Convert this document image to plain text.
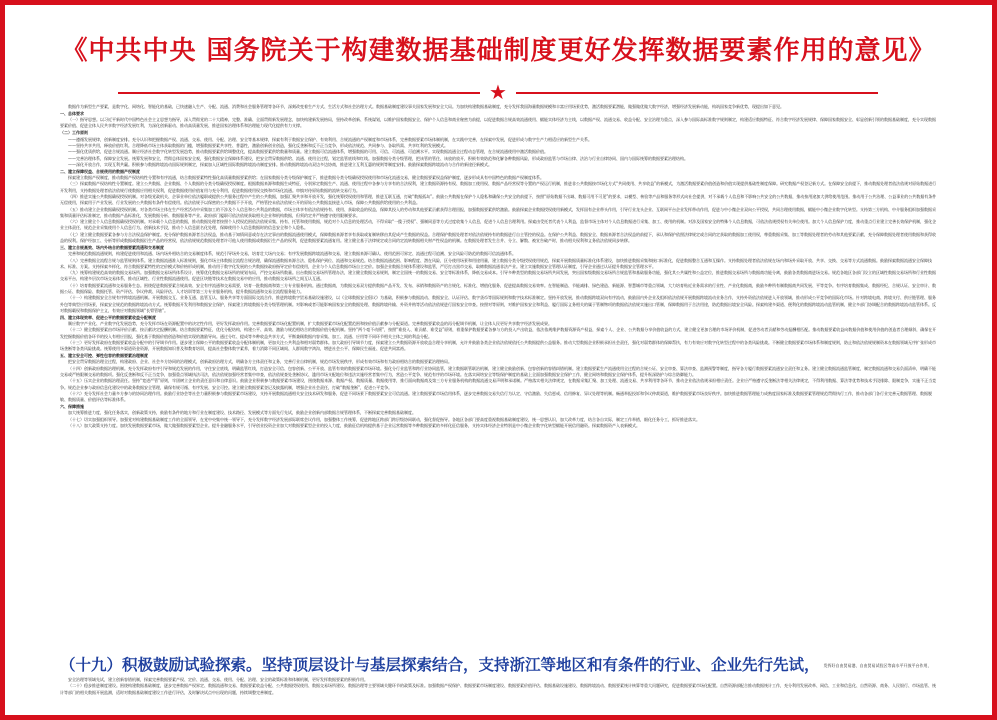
《中共中央 国务院关于构建数据基础制度更好发挥数据要素作用的意见》
★

数据作为新型生产要素，是数字化、网络化、智能化的基础，已快速融入生产、分配、流通、消费和社会服务管理等各环节，深刻改变着生产方式、生活方式和社会治理方式。数据基础制度建设事关国家发展和安全大局。为加快构建数据基础制度，充分发挥我国海量数据规模和丰富应用场景优势，激活数据要素潜能，做强做优做大数字经济，增强经济发展新动能，构筑国家竞争新优势，现提出如下意见。

一、总体要求

（一）指导思想。以习近平新时代中国特色社会主义思想为指导，深入贯彻党的二十大精神，完整、准确、全面贯彻新发展理念，加快构建新发展格局，坚持改革创新、系统谋划，以维护国家数据安全、保护个人信息和商业秘密为前提，以促进数据合规高效流通使用、赋能实体经济为主线，以数据产权、流通交易、收益分配、安全治理为重点，深入参与国际高标准数字规则制定，构建适应数据特征、符合数字经济发展规律、保障国家数据安全、彰显创新引领的数据基础制度，充分实现数据要素价值、促进全体人民共享数字经济发展红利，为深化创新驱动、推动高质量发展、推进国家治理体系和治理能力现代化提供有力支撑。

（二）工作原则

——遵循发展规律，创新制度安排。充分认识和把握数据产权、流通、交易、使用、分配、治理、安全等基本规律，探索有利于数据安全保护、有效利用、合规流通的产权制度和市场体系，完善数据要素市场体制机制，在实践中完善，在探索中发展，促进形成与数字生产力相适应的新型生产关系。

——坚持共享共用，释放价值红利。合理降低市场主体获取数据的门槛，增强数据要素共享性、普惠性，激励创新创业创造，强化反垄断和反不正当竞争，形成依法规范、共同参与、各取所需、共享红利的发展模式。

——强化优质供给，促进合规流通。顺应经济社会数字化转型发展趋势，推动数据要素供给调整优化，提高数据要素供给数量和质量。建立数据可信流通体系，增强数据的可用、可信、可流通、可追溯水平。实现数据流通全过程动态管理，在合规流通使用中激活数据价值。

——完善治理体系，保障安全发展。统筹发展和安全，贯彻总体国家安全观，强化数据安全保障体系建设，把安全贯穿数据供给、流通、使用全过程，划定监管底线和红线。加强数据分类分级管理，把该管的管住、该放的放开，积极有效防范和化解各种数据风险，形成政府监管与市场自律、法治与行业自律协同、国内与国际统筹的数据要素治理结构。

——深化开放合作，实现互利共赢。积极参与数据跨境流动国际规则制定，探索加入区域性国际数据跨境流动制度安排。推动数据跨境流动双边多边协商，推进建立互利互惠的规则等制度安排。鼓励探索数据跨境流动与合作的新途径新模式。

二、建立保障权益、合规使用的数据产权制度

探索建立数据产权制度，推动数据产权结构性分置和有序流通，结合数据要素特性强化高质量数据要素供给；在国家数据分类分级保护制度下，推进数据分类分级确权授权使用和市场化流通交易，健全数据要素权益保护制度，逐步形成具有中国特色的数据产权制度体系。

（三）探索数据产权结构性分置制度。建立公共数据、企业数据、个人数据的分类分级确权授权制度。根据数据来源和数据生成特征，分别界定数据生产、流通、使用过程中各参与方享有的合法权利，建立数据资源持有权、数据加工使用权、数据产品经营权等分置的产权运行机制，推进非公共数据按市场化方式“共同使用、共享收益”的新模式，为激活数据要素价值创造和价值实现提供基础性制度保障。研究数据产权登记新方式。在保障安全前提下，推动数据处理者依法依规对原始数据进行开发利用，支持数据处理者依法依规行使数据应用相关权利，促进数据使用价值复用与充分利用，促进数据使用权交换和市场化流通。审慎对待原始数据的流转交易行为。

（四）推进实施公共数据确权授权机制。对各级党政机关、企事业单位依法履职或提供公共服务过程中产生的公共数据，加强汇聚共享和开放开发，强化统筹授权使用和管理，推进互联互通，打破“数据孤岛”。鼓励公共数据在保护个人隐私和确保公共安全的前提下，按照“原始数据不出域、数据可用不可见”的要求，以模型、核验等产品和服务等形式向社会提供，对不承载个人信息和不影响公共安全的公共数据，推动按用途加大供给使用范围。推动用于公共治理、公益事业的公共数据有条件无偿使用，探索用于产业发展、行业发展的公共数据有条件有偿使用。依法依规予以保密的公共数据不予开放，严格管控未依法依规公开的原始公共数据直接进入市场，保障公共数据供给使用的公共利益。

（五）推动建立企业数据确权授权机制。对各类市场主体在生产经营活动中采集加工的不涉及个人信息和公共利益的数据，市场主体享有依法依规持有、使用、获取收益的权益，保障其投入的劳动和其他要素贡献获得合理回报，加强数据要素供给激励。鼓励探索企业数据授权使用新模式，发挥国有企业带头作用，引导行业龙头企业、互联网平台企业发挥带动作用，促进与中小微企业双向公平授权，共同合理使用数据，赋能中小微企业数字化转型。支持第三方机构、中介服务组织加强数据采集和质量评估标准制定，推动数据产品标准化，发展数据分析、数据服务等产业。政府部门履职可依法依规获取相关企业和机构数据，但须约定并严格遵守使用限制要求。

（六）建立健全个人信息数据确权授权机制。对承载个人信息的数据，推动数据处理者按照个人授权范围依法依规采集、持有、托管和使用数据，规范对个人信息的处理活动，不得采取“一揽子授权”、强制同意等方式过度收集个人信息，促进个人信息合理利用。探索由受托者代表个人利益，监督市场主体对个人信息数据进行采集、加工、使用的机制。对涉及国家安全的特殊个人信息数据，可依法依规授权有关单位使用。加大个人信息保护力度，推动重点行业建立完善长效保护机制，强化企业主体责任，规范企业采集使用个人信息行为。创新技术手段，推动个人信息匿名化处理，保障使用个人信息数据时的信息安全和个人隐私。

（七）建立健全数据要素各参与方合法权益保护制度。充分保护数据来源者合法权益，推动基于知情同意或存在法定事由的数据流通使用模式，保障数据来源者享有获取或复制转移由其促成产生数据的权益。合理保护数据处理者对依法依规持有的数据进行自主管控的权益。在保护公共利益、数据安全、数据来源者合法权益的前提下，承认和保护依照法律规定或合同约定获取的数据加工使用权，尊重数据采集、加工等数据处理者的劳动和其他要素贡献，充分保障数据处理者使用数据和获得收益的权利。保护经加工、分析等形成数据或数据衍生产品的经营权，依法依规规范数据处理者许可他人使用数据或数据衍生产品的权利，促进数据要素流通复用。建立健全基于法律规定或合同约定流转数据相关财产性权益的机制。在数据处理者发生合并、分立、解散、被宣告破产时，推动相关权利和义务依法依规同步转移。

三、建立合规高效、场内外结合的数据要素流通和交易制度

完善和规范数据流通规则，构建促进使用和流通、场内场外相结合的交易制度体系，规范引导场外交易，培育壮大场内交易；有序发展数据跨境流通和交易，建立数据来源可确认、使用范围可界定、流通过程可追溯、安全风险可防范的数据可信流通体系。

（八）完善数据全流程合规与监管规则体系。建立数据流通准入标准规则，强化市场主体数据全流程合规治理，确保流通数据来源合法、隐私保护到位、流通和交易规范。结合数据流通范围、影响程度、潜在风险，区分使用场景和用途用量，建立数据分类分级授权使用规范，探索开展数据质量标准化体系建设，加快推进数据采集和接口标准化，促进数据整合互通和互操作。支持数据处理者依法依规在场内和场外采取开放、共享、交换、交易等方式流通数据。鼓励探索数据流通安全保障技术、标准、方案。支持探索多样化、符合数据要素特性的定价模式和价格形成机制，推动用于数字化发展的公共数据按政府指导定价有偿使用，企业与个人信息数据市场自主定价。加强企业数据合规体系建设和监管，严厉打击黑市交易，取缔数据流通非法产业。建立实施数据安全管理认证制度，引导企业通过认证提升数据安全管理水平。

（九）统筹构建规范高效的数据交易场所。加强数据交易场所体系设计，统筹优化数据交易场所的规划布局，严控交易场所数量。出台数据交易场所管理办法，建立健全数据交易规则，制定全国统一的数据交易、安全等标准体系，降低交易成本。引导多种类型的数据交易场所共同发展，突出国家级数据交易场所合规监管和基础服务功能，强化其公共属性和公益定位，推进数据交易场所与数据商功能分离，鼓励各类数据商进场交易。规范各地区各部门设立的区域性数据交易场所和行业性数据交易平台，构建多层次市场交易体系，推动区域性、行业性数据流通使用。促进区块链等技术在数据交易中的应用，推动数据交易场所之间互认互通。

（十）培育数据要素流通和交易服务生态。围绕促进数据要素合规高效、安全有序流通和交易需要，培育一批数据商和第三方专业服务机构。通过数据商，为数据交易双方提供数据产品开发、发布、承销和数据资产的合规化、标准化、增值化服务，促进提高数据交易效率。在智能制造、节能减排、绿色建造、新能源、智慧城市等重点领域，大力培育贴近业务需求的行业性、产业化数据商，鼓励多种所有制数据商共同发展、平等竞争。有序培育数据集成、数据经纪、合规认证、安全审计、数据公证、数据保险、数据托管、资产评估、争议仲裁、风险评估、人才培训等第三方专业服务机构，提升数据流通和交易全流程服务能力。

（十一）构建数据安全合规有序跨境流通机制。开展数据交互、业务互通、监管互认、服务共享等方面国际交流合作，推进跨境数字贸易基础设施建设，以《全球数据安全倡议》为基础，积极参与数据流动、数据安全、认证评估、数字货币等国际规则和数字技术标准制定。坚持开放发展，推动数据跨境双向有序流动，鼓励国内外企业及组织依法依规开展数据跨境流动业务合作，支持外资依法依规进入开放领域，推动形成公平竞争的国际化市场。针对跨境电商、跨境支付、供应链管理、服务外包等典型应用场景，探索安全规范的数据跨境流动方式。统筹数据开发利用和数据安全保护，探索建立跨境数据分类分级管理机制。对影响或者可能影响国家安全的数据处理、数据跨境传输、外资并购等活动依法依规进行国家安全审查。按照对等原则，对维护国家安全和利益、履行国际义务相关的属于管制物项的数据依法依规实施出口管制，保障数据用于合法用途，防范数据出境安全风险。探索构建多渠道、便利化的数据跨境流动监管机制，健全多部门协调配合的数据跨境流动监管体系。反对数据霸权和数据保护主义，有效应对数据领域“长臂管辖”。

四、建立体现效率、促进公平的数据要素收益分配制度

顺应数字产业化、产业数字化发展趋势，充分发挥市场在资源配置中的决定性作用，更好发挥政府作用。完善数据要素市场化配置机制，扩大数据要素市场化配置范围和按价值贡献参与分配渠道。完善数据要素收益的再分配调节机制，让全体人民更好共享数字经济发展成果。

（十二）健全数据要素由市场评价贡献、按贡献决定报酬机制。结合数据要素特征，优化分配结构，构建公平、高效、激励与规范相结合的数据价值分配机制。坚持“两个毫不动摇”，按照“谁投入、谁贡献、谁受益”原则，着重保护数据要素各参与方的投入产出收益，依法依规维护数据资源资产权益，探索个人、企业、公共数据分享价值收益的方式，建立健全更加合理的市场评价机制，促进劳动者贡献和劳动报酬相匹配。推动数据要素收益向数据价值和使用价值的创造者合理倾斜，确保在开发挖掘数据价值各环节的投入有相应回报，强化基于数据价值创造和价值实现的激励导向。通过分红、提成等多种收益共享方式，平衡兼顾数据内容采集、加工、流通、应用等不同环节相关主体之间的利益分配。

（十三）更好发挥政府在数据要素收益分配中的引导调节作用。逐步建立保障公平的数据要素收益分配体制机制，更加关注公共利益和相对弱势群体。加大政府引导调节力度，探索建立公共数据资源开放收益合理分享机制，允许并鼓励各类企业依法依规依托公共数据提供公益服务。推动大型数据企业积极承担社会责任，强化对弱势群体的保障帮扶，有力有效应对数字化转型过程中的各类风险挑战。不断健全数据要素市场体系和制度规则，防止和依法依规规制资本在数据领域无序扩张形成市场垄断等各类风险挑战。统筹使用多渠道资金资源，开展数据知识普及和教育培训，提高社会整体数字素养，着力消除不同区域间、人群间数字鸿沟，增进社会公平、保障民生福祉、促进共同富裕。

五、建立安全可控、弹性包容的数据要素治理制度

把安全贯穿数据治理全过程，构建政府、企业、社会多方协同的治理模式，创新政府治理方式，明确各方主体责任和义务，完善行业自律机制，规范市场发展秩序，形成有效市场和有为政府相结合的数据要素治理格局。

（十四）创新政府数据治理机制。充分发挥政府有序引导和规范发展的作用，守住安全底线，明确监管红线，打造安全可信、包容创新、公平开放、监管有效的数据要素市场环境。强化分行业监管和跨行业协同监管，建立数据联管联治机制，建立健全鼓励创新、包容创新的容错纠错机制。建立数据要素生产流通使用全过程的合规公证、安全审查、算法审查、监测预警等制度，指导各方履行数据要素流通安全责任和义务。建立健全数据流通监管制度，制定数据流通和交易负面清单，明确不能交易或严格限制交易的数据项。强化反垄断和反不正当竞争，加强重点领域执法司法，依法依规加强经营者集中审查，依法依规查处垄断协议、滥用市场支配地位和违法实施经营者集中行为，营造公平竞争、规范有序的市场环境。在落实网络安全等级保护制度的基础上全面加强数据安全保护工作，健全网络和数据安全保护体系，提升纵深防护与综合防御能力。

（十五）压实企业的数据治理责任。坚持“宽进严管”原则，牢固树立企业的责任意识和自律意识。鼓励企业积极参与数据要素市场建设，围绕数据来源、数据产权、数据质量、数据使用等，推行面向数据商及第三方专业服务机构的数据流通交易声明和承诺制。严格落实相关法律规定，在数据采集汇聚、加工处理、流通交易、共享利用等各环节，推动企业依法依规承担相应责任。企业应严格遵守反垄断法等相关法律规定，不得利用数据、算法等优势和技术手段排除、限制竞争，实施不正当竞争。规范企业参与政府信息化建设中的政务数据安全管理，确保有规可循、有序发展、安全可控。建立健全数据要素登记及披露机制，增强企业社会责任，打破“数据垄断”，促进公平竞争。

（十六）充分发挥社会力量多方参与的协同治理作用。鼓励行业协会等社会力量积极参与数据要素市场建设，支持开展数据流通相关安全技术研发和服务，促进不同场景下数据要素安全可信流通。建立数据要素市场信用体系，逐步完善数据交易失信行为认定、守信激励、失信惩戒、信用修复、异议处理等机制。畅通举报投诉和争议仲裁渠道，维护数据要素市场良好秩序。加快推进数据管理能力成熟度国家标准及数据要素管理规范贯彻执行工作，推动各部门各行业完善元数据管理、数据脱敏、数据质量、价值评估等标准体系。

六、保障措施

加大统筹推进力度，强化任务落实，创新政策支持，鼓励有条件的地方和行业在制度建设、技术路径、发展模式等方面先行先试，鼓励企业创新内部数据合规管理体系，不断探索完善数据基础制度。

（十七）切实加强组织领导。加强党对构建数据基础制度工作的全面领导，在党中央集中统一领导下，充分发挥数字经济发展部际联席会议作用，加强整体工作统筹，促进跨地区跨部门跨层级协同联动，强化督促指导。各地区各部门要高度重视数据基础制度建设，统一思想认识，加大改革力度，结合各自实际，制定工作举措，细化任务分工，抓好推进落实。

（十八）加大政策支持力度。加快发展数据要素市场，做大做强数据要素型企业。提升金融服务水平，引导创业投资企业加大对数据要素型企业的投入力度，鼓励征信机构提供基于企业运营数据等多种数据要素的多样化征信服务，支持实体经济企业特别是中小微企业数字化转型赋能开展信用融资。探索数据资产入表新模式。

（十九）积极鼓励试验探索。坚持顶层设计与基层探索结合，支持浙江等地区和有条件的行业、企业先行先试， 发挥好自由贸易港、自由贸易试验区等高水平开放平台作用，

安全治理等领域先试，建立创新容错机制，探索完善数据要素产权、定价、流通、交易、使用、分配、治理、安全的政策标准和体制机制，更好发挥数据要素的积极作用。

（二十）稳步推进制度建设。围绕构建数据基础制度，逐步完善数据产权界定、数据流通和交易、数据要素收益分配、公共数据授权使用、数据交易场所建设、数据治理等主要领域关键环节的政策及标准。加强数据产权保护、数据要素市场制度建设、数据要素价值评估、数据基础设施建设、数据跨境流动、数据要素统计核算等重大问题研究，促进数据要素市场化配置。自然资源部配合推动数据统计工作，充分利用发展改革、网信、工业和信息化、自然资源、商务、人民银行、市场监管、统计等部门的相关数据开展监测，适时对数据基础制度建设工作进行评估，及时解决试点中出现的问题，持续调整完善制度。
